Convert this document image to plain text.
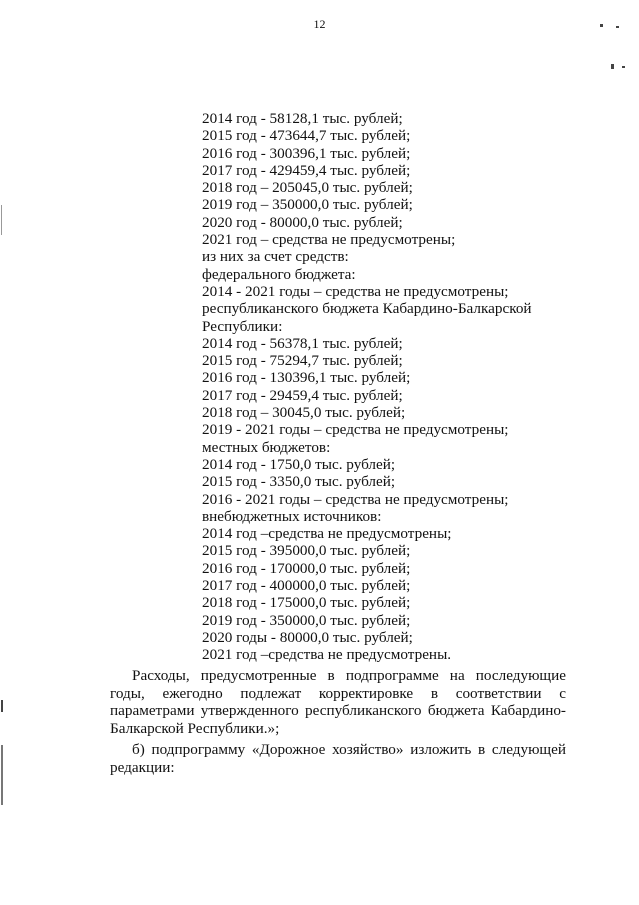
12
2014 год - 58128,1 тыс. рублей;
2015 год - 473644,7 тыс. рублей;
2016 год - 300396,1 тыс. рублей;
2017 год - 429459,4 тыс. рублей;
2018 год – 205045,0 тыс. рублей;
2019 год – 350000,0 тыс. рублей;
2020 год - 80000,0 тыс. рублей;
2021 год – средства не предусмотрены;
из них за счет средств:
федерального бюджета:
2014 - 2021 годы – средства не предусмотрены;
республиканского бюджета Кабардино-Балкарской
Республики:
2014 год - 56378,1 тыс. рублей;
2015 год - 75294,7 тыс. рублей;
2016 год - 130396,1 тыс. рублей;
2017 год - 29459,4 тыс. рублей;
2018 год – 30045,0 тыс. рублей;
2019 - 2021 годы – средства не предусмотрены;
местных бюджетов:
2014 год - 1750,0 тыс. рублей;
2015 год - 3350,0 тыс. рублей;
2016 - 2021 годы – средства не предусмотрены;
внебюджетных источников:
2014 год –средства не предусмотрены;
2015 год - 395000,0 тыс. рублей;
2016 год - 170000,0 тыс. рублей;
2017 год - 400000,0 тыс. рублей;
2018 год - 175000,0 тыс. рублей;
2019 год - 350000,0 тыс. рублей;
2020 годы - 80000,0 тыс. рублей;
2021 год –средства не предусмотрены.
Расходы, предусмотренные в подпрограмме на последующие годы, ежегодно подлежат корректировке в соответствии с параметрами утвержденного республиканского бюджета Кабардино-Балкарской Республики.»;
б) подпрограмму «Дорожное хозяйство» изложить в следующей редакции:
